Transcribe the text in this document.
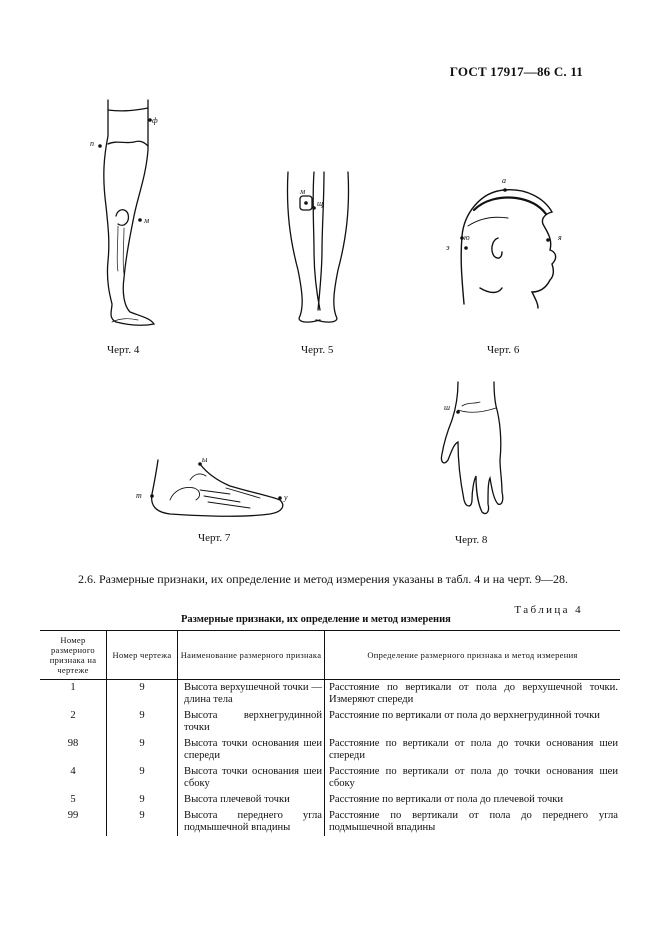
ГОСТ 17917—86 С. 11
ф
п
м
Черт. 4
м
щ
Черт. 5
а
ю
э
я
Черт. 6
ы
т	у
Черт. 7
ш
Черт. 8
2.6. Размерные признаки, их определение и метод измерения указаны в табл. 4 и на черт. 9—28.
Таблица 4
Размерные признаки, их определение и метод измерения
Номер размерного признака на чертеже	Номер чертежа	Наименование размерного признака	Определение размерного признака и метод измерения
1	9	Высота верхушечной точки — длина тела	Расстояние по вертикали от пола до верхушечной точки. Измеряют спереди
2	9	Высота верхнегрудинной точки	Расстояние по вертикали от пола до верхнегрудинной точки
98	9	Высота точки основания шеи спереди	Расстояние по вертикали от пола до точки основания шеи спереди
4	9	Высота точки основания шеи сбоку	Расстояние по вертикали от пола до точки основания шеи сбоку
5	9	Высота плечевой точки	Расстояние по вертикали от пола до плечевой точки
99	9	Высота переднего угла подмышечной впадины	Расстояние по вертикали от пола до переднего угла подмышечной впадины
